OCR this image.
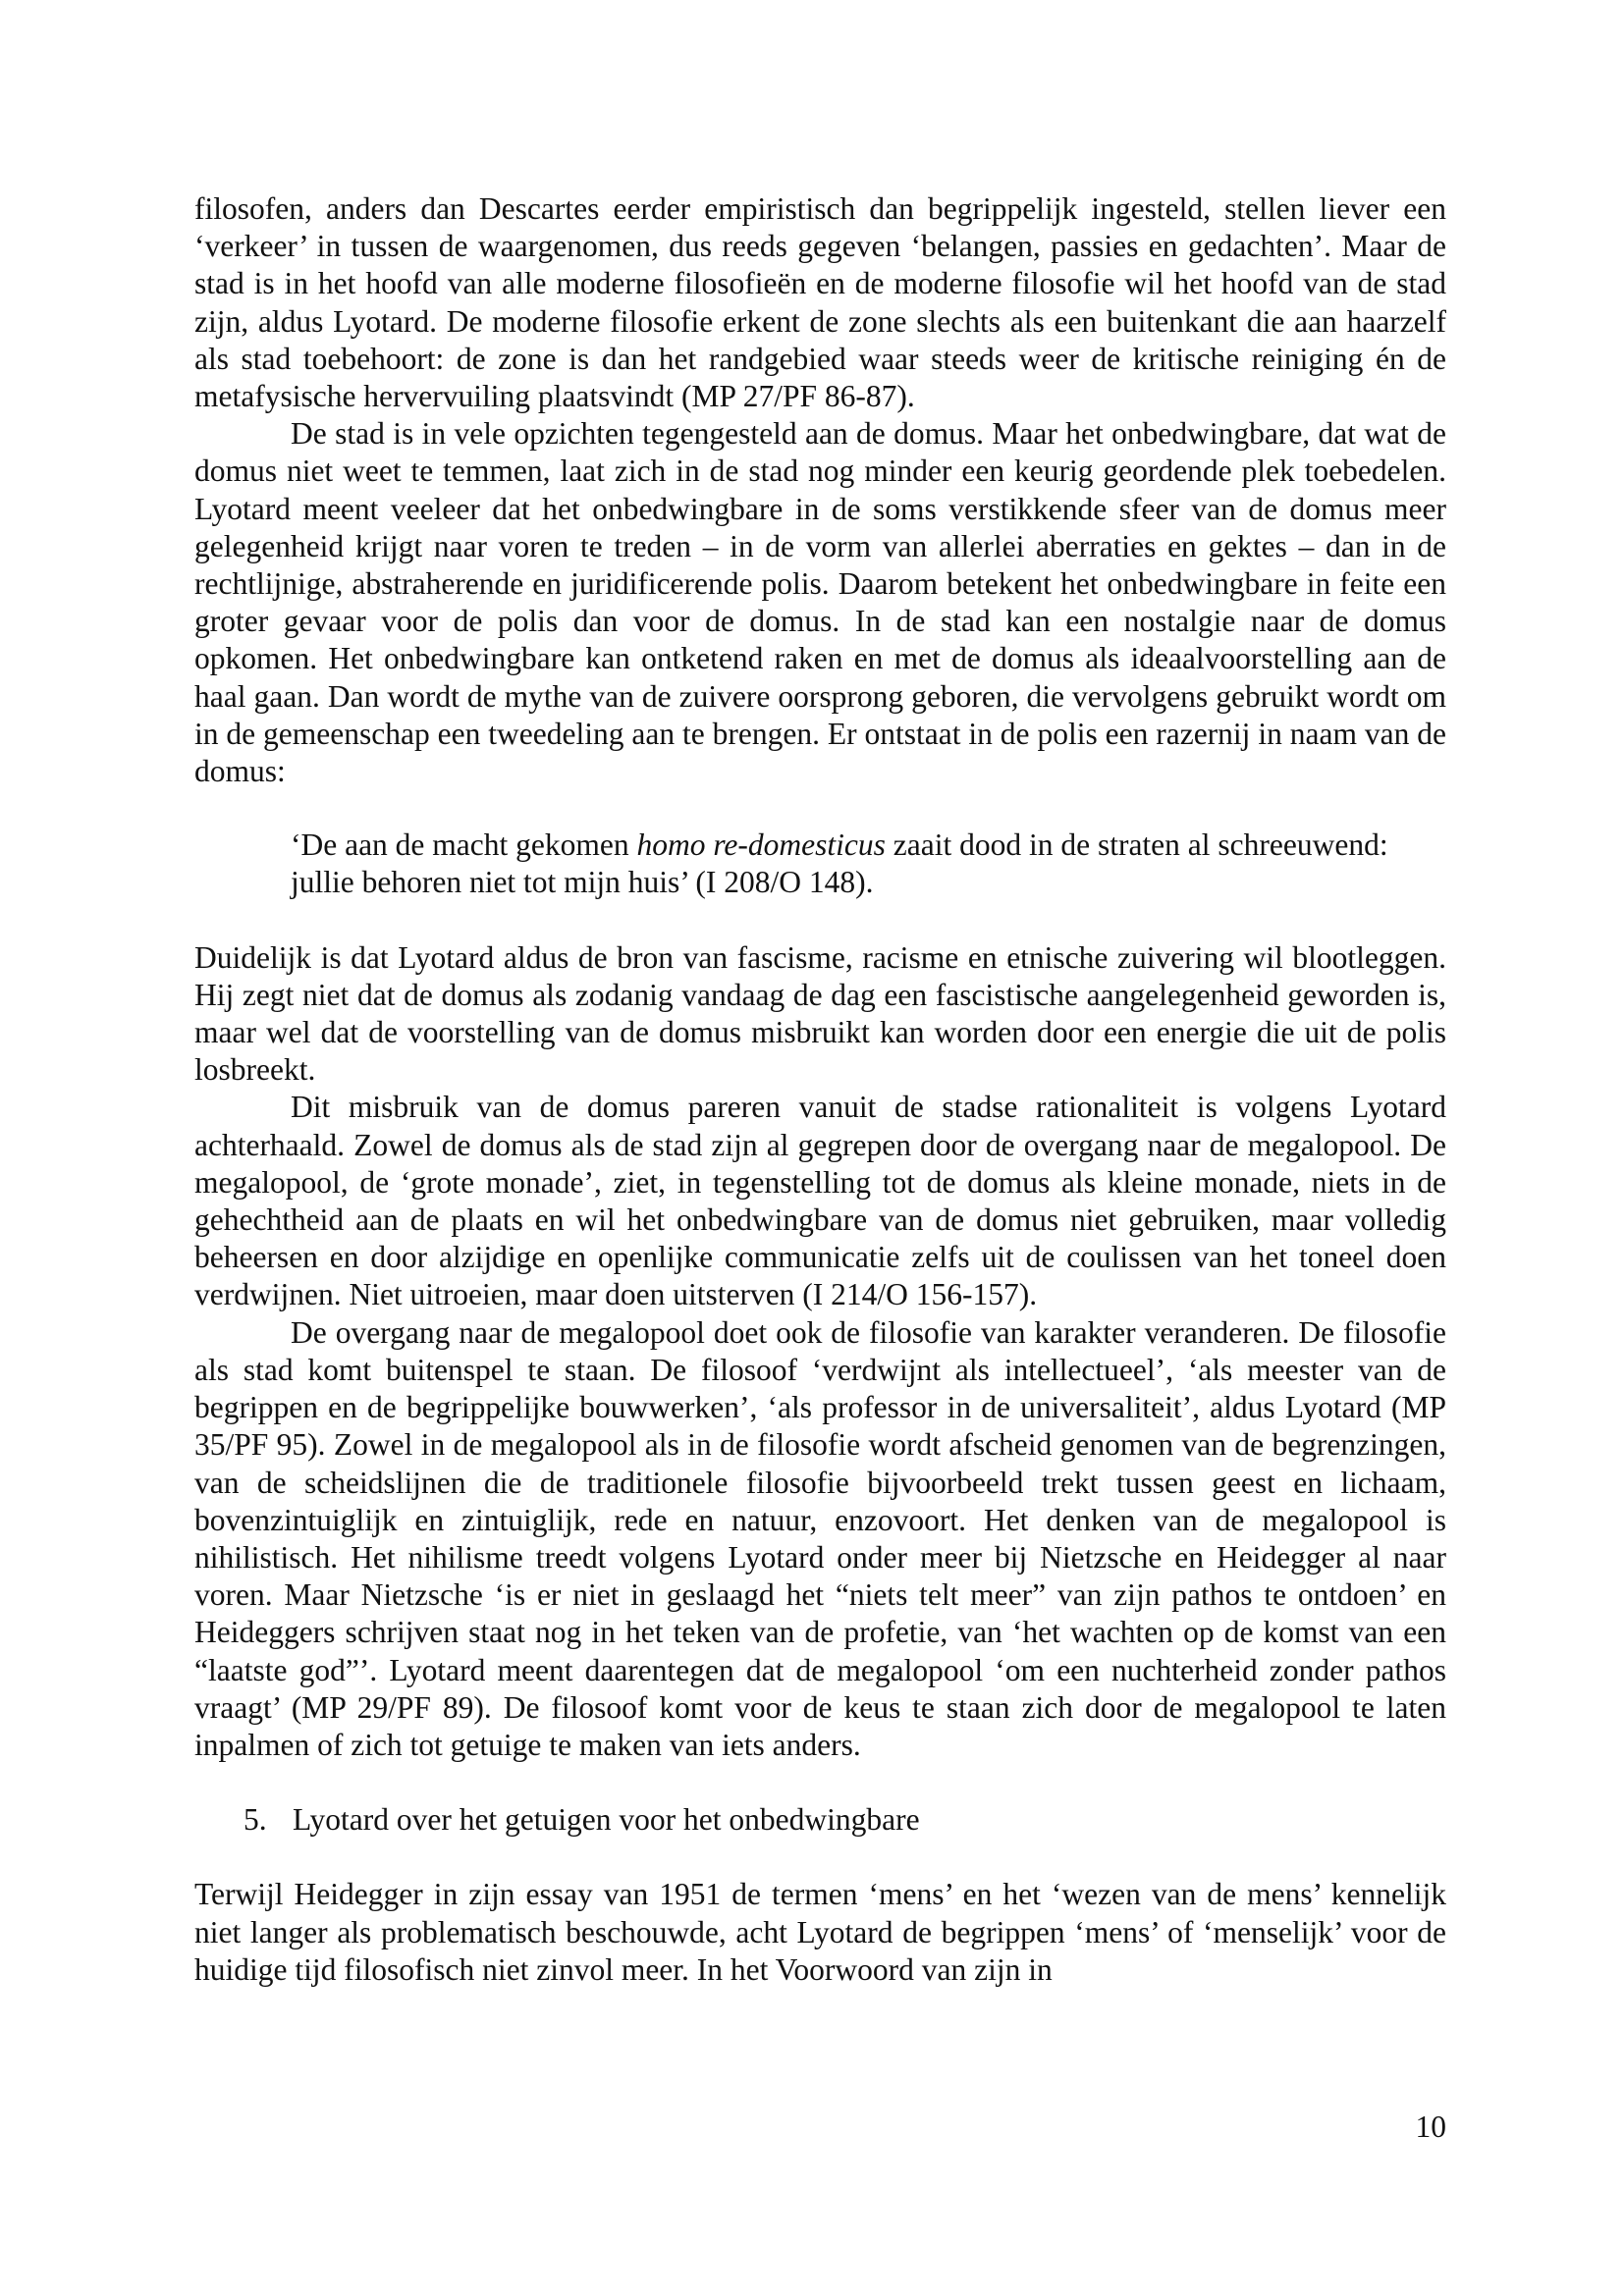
filosofen, anders dan Descartes eerder empiristisch dan begrippelijk ingesteld, stellen liever een ‘verkeer’ in tussen de waargenomen, dus reeds gegeven ‘belangen, passies en gedachten’. Maar de stad is in het hoofd van alle moderne filosofieën en de moderne filosofie wil het hoofd van de stad zijn, aldus Lyotard. De moderne filosofie erkent de zone slechts als een buitenkant die aan haarzelf als stad toebehoort: de zone is dan het randgebied waar steeds weer de kritische reiniging én de metafysische hervervuiling plaatsvindt (MP 27/PF 86-87).

De stad is in vele opzichten tegengesteld aan de domus. Maar het onbedwingbare, dat wat de domus niet weet te temmen, laat zich in de stad nog minder een keurig geordende plek toebedelen. Lyotard meent veeleer dat het onbedwingbare in de soms verstikkende sfeer van de domus meer gelegenheid krijgt naar voren te treden – in de vorm van allerlei aberraties en gektes – dan in de rechtlijnige, abstraherende en juridificerende polis. Daarom betekent het onbedwingbare in feite een groter gevaar voor de polis dan voor de domus. In de stad kan een nostalgie naar de domus opkomen. Het onbedwingbare kan ontketend raken en met de domus als ideaalvoorstelling aan de haal gaan. Dan wordt de mythe van de zuivere oorsprong geboren, die vervolgens gebruikt wordt om in de gemeenschap een tweedeling aan te brengen. Er ontstaat in de polis een razernij in naam van de domus:

‘De aan de macht gekomen homo re-domesticus zaait dood in de straten al schreeuwend: jullie behoren niet tot mijn huis’ (I 208/O 148).

Duidelijk is dat Lyotard aldus de bron van fascisme, racisme en etnische zuivering wil blootleggen. Hij zegt niet dat de domus als zodanig vandaag de dag een fascistische aangelegenheid geworden is, maar wel dat de voorstelling van de domus misbruikt kan worden door een energie die uit de polis losbreekt.

Dit misbruik van de domus pareren vanuit de stadse rationaliteit is volgens Lyotard achterhaald. Zowel de domus als de stad zijn al gegrepen door de overgang naar de megalopool. De megalopool, de ‘grote monade’, ziet, in tegenstelling tot de domus als kleine monade, niets in de gehechtheid aan de plaats en wil het onbedwingbare van de domus niet gebruiken, maar volledig beheersen en door alzijdige en openlijke communicatie zelfs uit de coulissen van het toneel doen verdwijnen. Niet uitroeien, maar doen uitsterven (I 214/O 156-157).

De overgang naar de megalopool doet ook de filosofie van karakter veranderen. De filosofie als stad komt buitenspel te staan. De filosoof ‘verdwijnt als intellectueel’, ‘als meester van de begrippen en de begrippelijke bouwwerken’, ‘als professor in de universaliteit’, aldus Lyotard (MP 35/PF 95). Zowel in de megalopool als in de filosofie wordt afscheid genomen van de begrenzingen, van de scheidslijnen die de traditionele filosofie bijvoorbeeld trekt tussen geest en lichaam, bovenzintuiglijk en zintuiglijk, rede en natuur, enzovoort. Het denken van de megalopool is nihilistisch. Het nihilisme treedt volgens Lyotard onder meer bij Nietzsche en Heidegger al naar voren. Maar Nietzsche ‘is er niet in geslaagd het “niets telt meer” van zijn pathos te ontdoen’ en Heideggers schrijven staat nog in het teken van de profetie, van ‘het wachten op de komst van een “laatste god”’. Lyotard meent daarentegen dat de megalopool ‘om een nuchterheid zonder pathos vraagt’ (MP 29/PF 89). De filosoof komt voor de keus te staan zich door de megalopool te laten inpalmen of zich tot getuige te maken van iets anders.

5. Lyotard over het getuigen voor het onbedwingbare

Terwijl Heidegger in zijn essay van 1951 de termen ‘mens’ en het ‘wezen van de mens’ kennelijk niet langer als problematisch beschouwde, acht Lyotard de begrippen ‘mens’ of ‘menselijk’ voor de huidige tijd filosofisch niet zinvol meer. In het Voorwoord van zijn in

10
